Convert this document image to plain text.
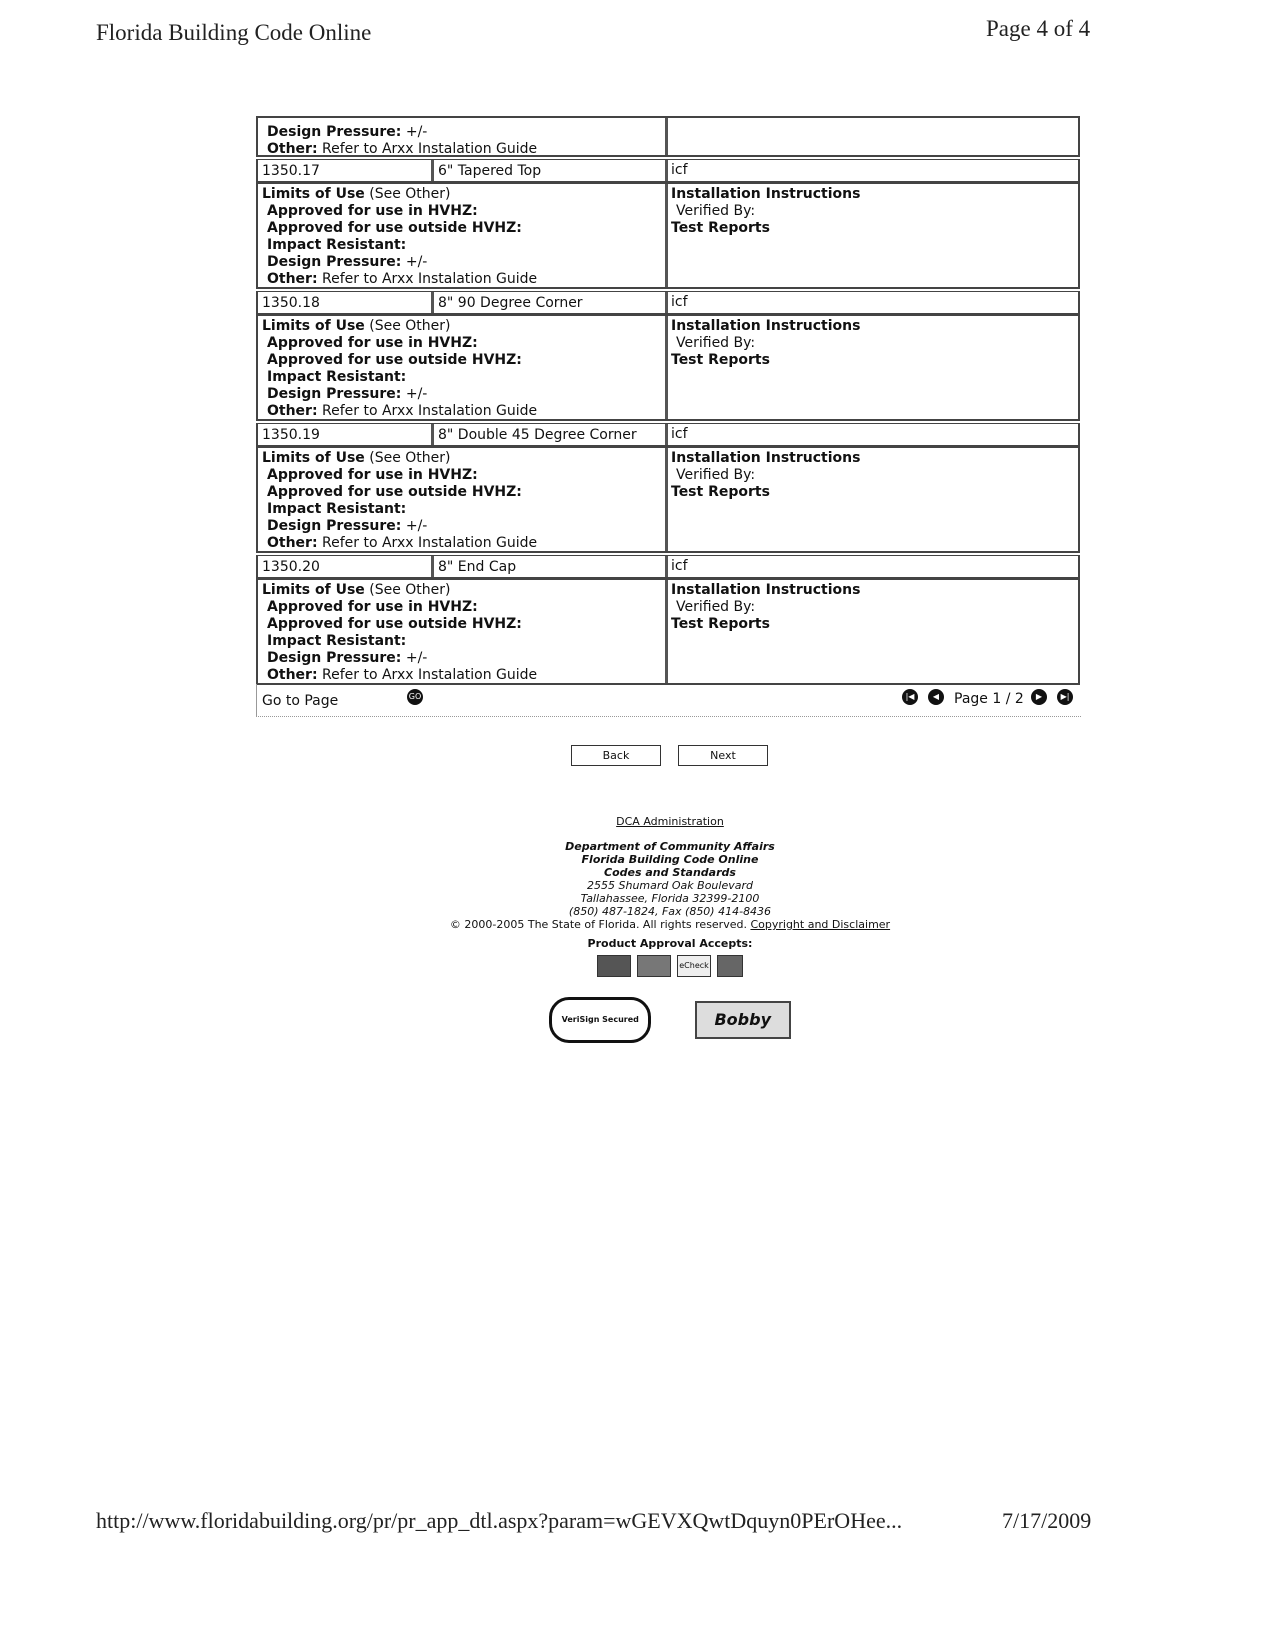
Florida Building Code Online	Page 4 of 4
Design Pressure: +/-
Other: Refer to Arxx Instalation Guide
1350.17	6" Tapered Top	icf
Limits of Use (See Other)
Approved for use in HVHZ:
Approved for use outside HVHZ:
Impact Resistant:
Design Pressure: +/-
Other: Refer to Arxx Instalation Guide
Installation Instructions
Verified By:
Test Reports
1350.18	8" 90 Degree Corner	icf
Limits of Use (See Other)
Approved for use in HVHZ:
Approved for use outside HVHZ:
Impact Resistant:
Design Pressure: +/-
Other: Refer to Arxx Instalation Guide
Installation Instructions
Verified By:
Test Reports
1350.19	8" Double 45 Degree Corner	icf
Limits of Use (See Other)
Approved for use in HVHZ:
Approved for use outside HVHZ:
Impact Resistant:
Design Pressure: +/-
Other: Refer to Arxx Instalation Guide
Installation Instructions
Verified By:
Test Reports
1350.20	8" End Cap	icf
Limits of Use (See Other)
Approved for use in HVHZ:
Approved for use outside HVHZ:
Impact Resistant:
Design Pressure: +/-
Other: Refer to Arxx Instalation Guide
Installation Instructions
Verified By:
Test Reports
Go to Page	GO	|◀	◀	Page 1 / 2	▶	▶|
Back	Next
DCA Administration
Department of Community Affairs
Florida Building Code Online
Codes and Standards
2555 Shumard Oak Boulevard
Tallahassee, Florida 32399-2100
(850) 487-1824, Fax (850) 414-8436
© 2000-2005 The State of Florida. All rights reserved. Copyright and Disclaimer
Product Approval Accepts:
eCheck
VeriSign Secured	Bobby
http://www.floridabuilding.org/pr/pr_app_dtl.aspx?param=wGEVXQwtDquyn0PErOHee...	7/17/2009
